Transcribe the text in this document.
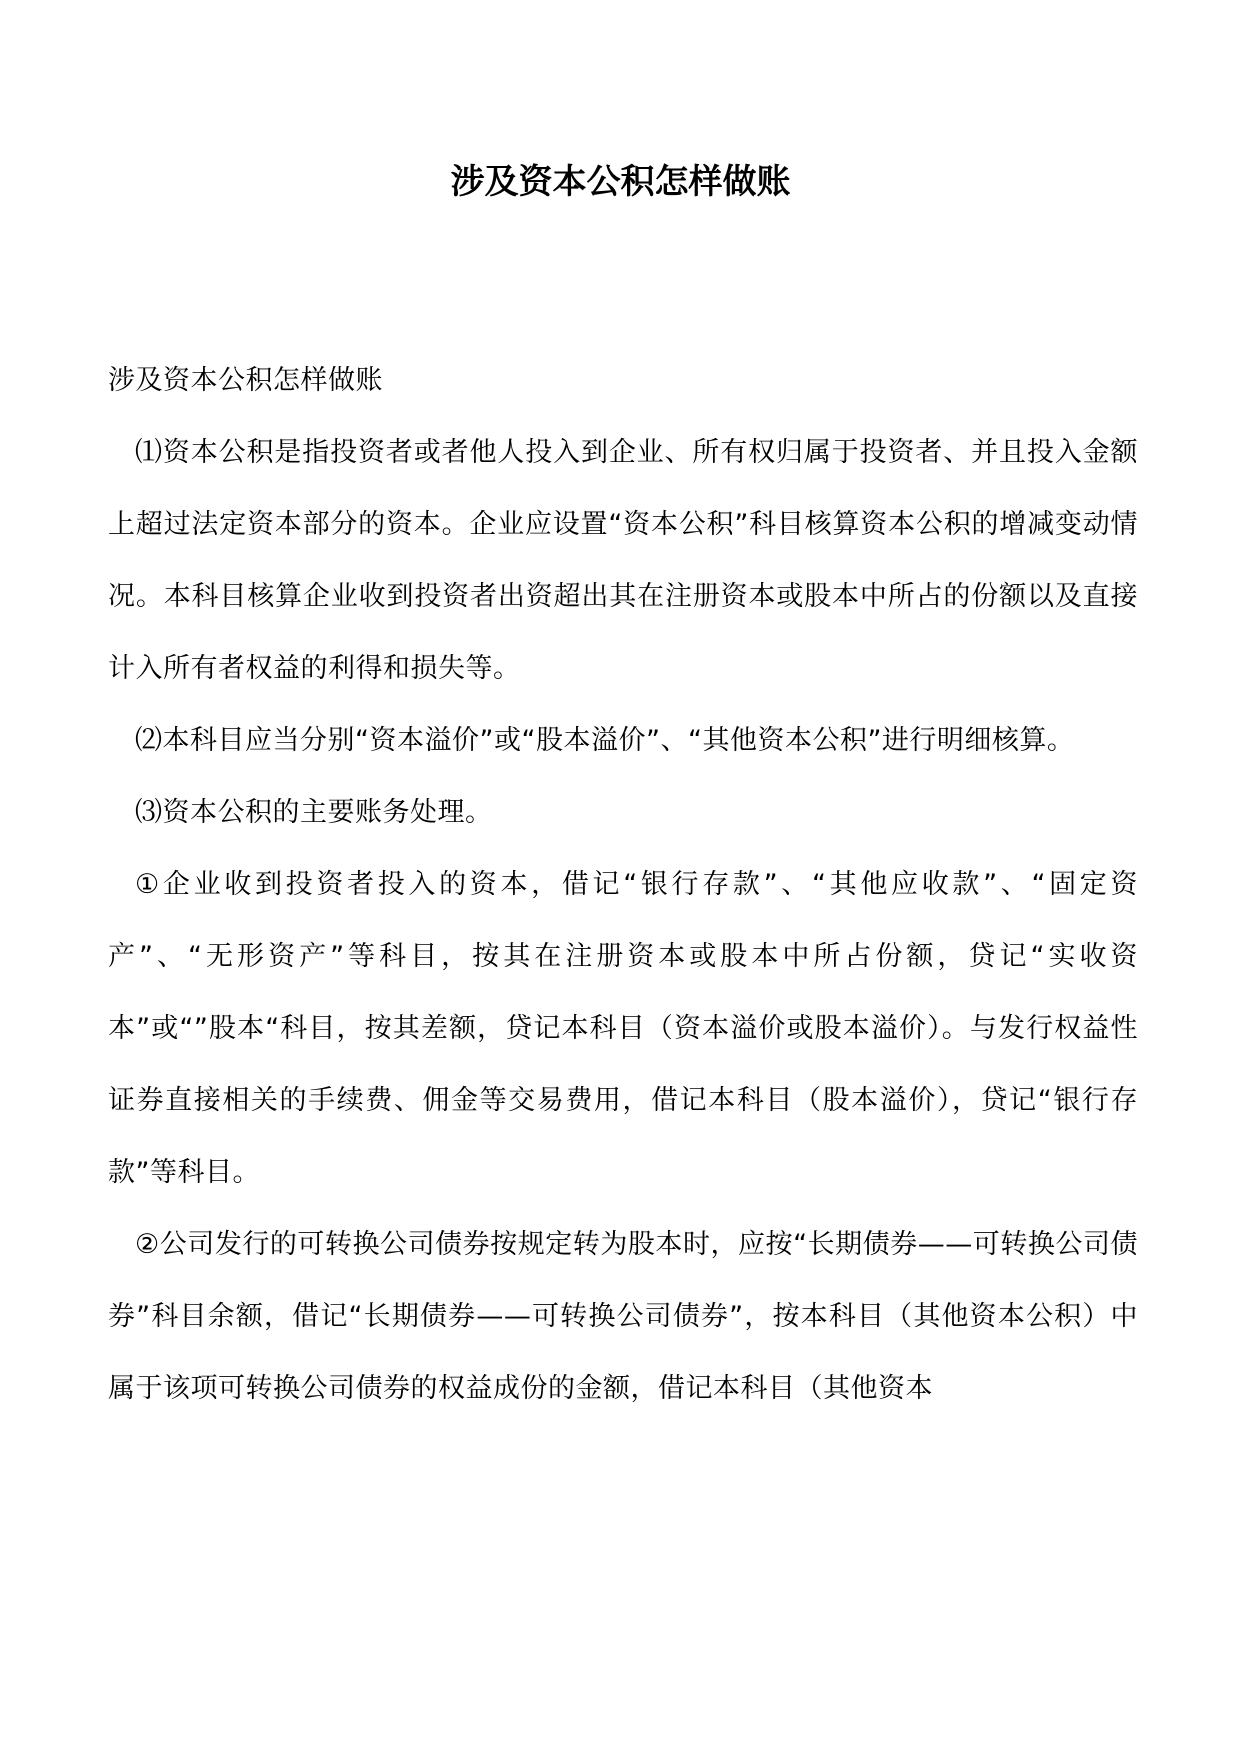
涉及资本公积怎样做账

涉及资本公积怎样做账

⑴资本公积是指投资者或者他人投入到企业、所有权归属于投资者、并且投入金额上超过法定资本部分的资本。企业应设置“资本公积”科目核算资本公积的增减变动情况。本科目核算企业收到投资者出资超出其在注册资本或股本中所占的份额以及直接计入所有者权益的利得和损失等。

⑵本科目应当分别“资本溢价”或“股本溢价”、“其他资本公积”进行明细核算。

⑶资本公积的主要账务处理。

①企业收到投资者投入的资本，借记“银行存款”、“其他应收款”、“固定资产”、“无形资产”等科目，按其在注册资本或股本中所占份额，贷记“实收资本”或“”股本“科目，按其差额，贷记本科目（资本溢价或股本溢价）。与发行权益性证券直接相关的手续费、佣金等交易费用，借记本科目（股本溢价），贷记“银行存款”等科目。

②公司发行的可转换公司债券按规定转为股本时，应按“长期债券——可转换公司债券”科目余额，借记“长期债券——可转换公司债券”，按本科目（其他资本公积）中属于该项可转换公司债券的权益成份的金额，借记本科目（其他资本
